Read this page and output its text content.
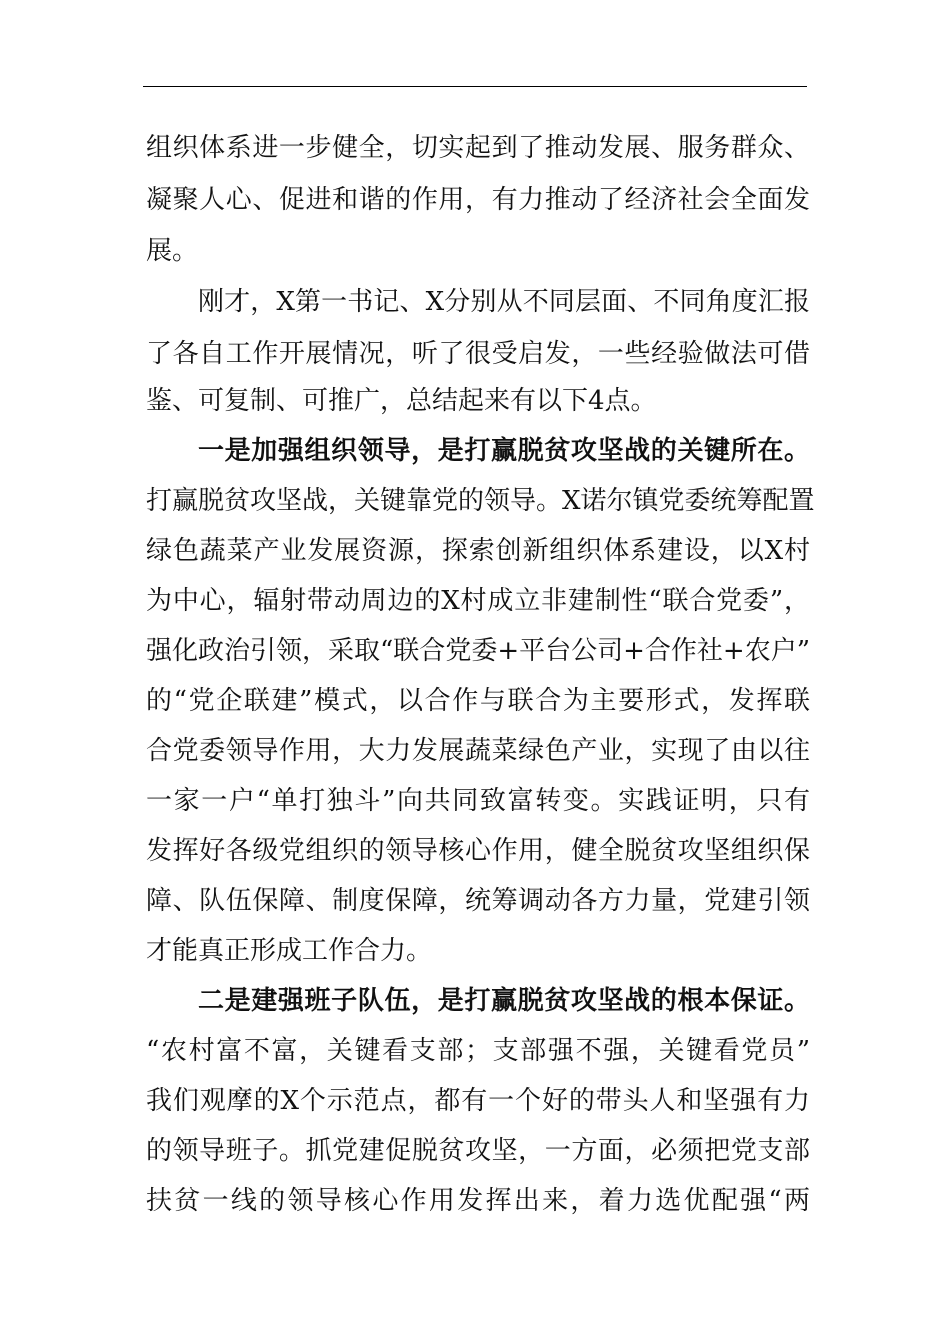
组织体系进一步健全，切实起到了推动发展、服务群众、
凝聚人心、促进和谐的作用，有力推动了经济社会全面发
展。
刚才，X第一书记、X分别从不同层面、不同角度汇报
了各自工作开展情况，听了很受启发，一些经验做法可借
鉴、可复制、可推广，总结起来有以下4点。
一是加强组织领导，是打赢脱贫攻坚战的关键所在。
打赢脱贫攻坚战，关键靠党的领导。X诺尔镇党委统筹配置
绿色蔬菜产业发展资源，探索创新组织体系建设，以X村
为中心，辐射带动周边的X村成立非建制性“联合党委”，
强化政治引领，采取“联合党委+平台公司+合作社+农户”
的“党企联建”模式，以合作与联合为主要形式，发挥联
合党委领导作用，大力发展蔬菜绿色产业，实现了由以往
一家一户“单打独斗”向共同致富转变。实践证明，只有
发挥好各级党组织的领导核心作用，健全脱贫攻坚组织保
障、队伍保障、制度保障，统筹调动各方力量，党建引领
才能真正形成工作合力。
二是建强班子队伍，是打赢脱贫攻坚战的根本保证。
“农村富不富，关键看支部；支部强不强，关键看党员”
我们观摩的X个示范点，都有一个好的带头人和坚强有力
的领导班子。抓党建促脱贫攻坚，一方面，必须把党支部
扶贫一线的领导核心作用发挥出来，着力选优配强“两
